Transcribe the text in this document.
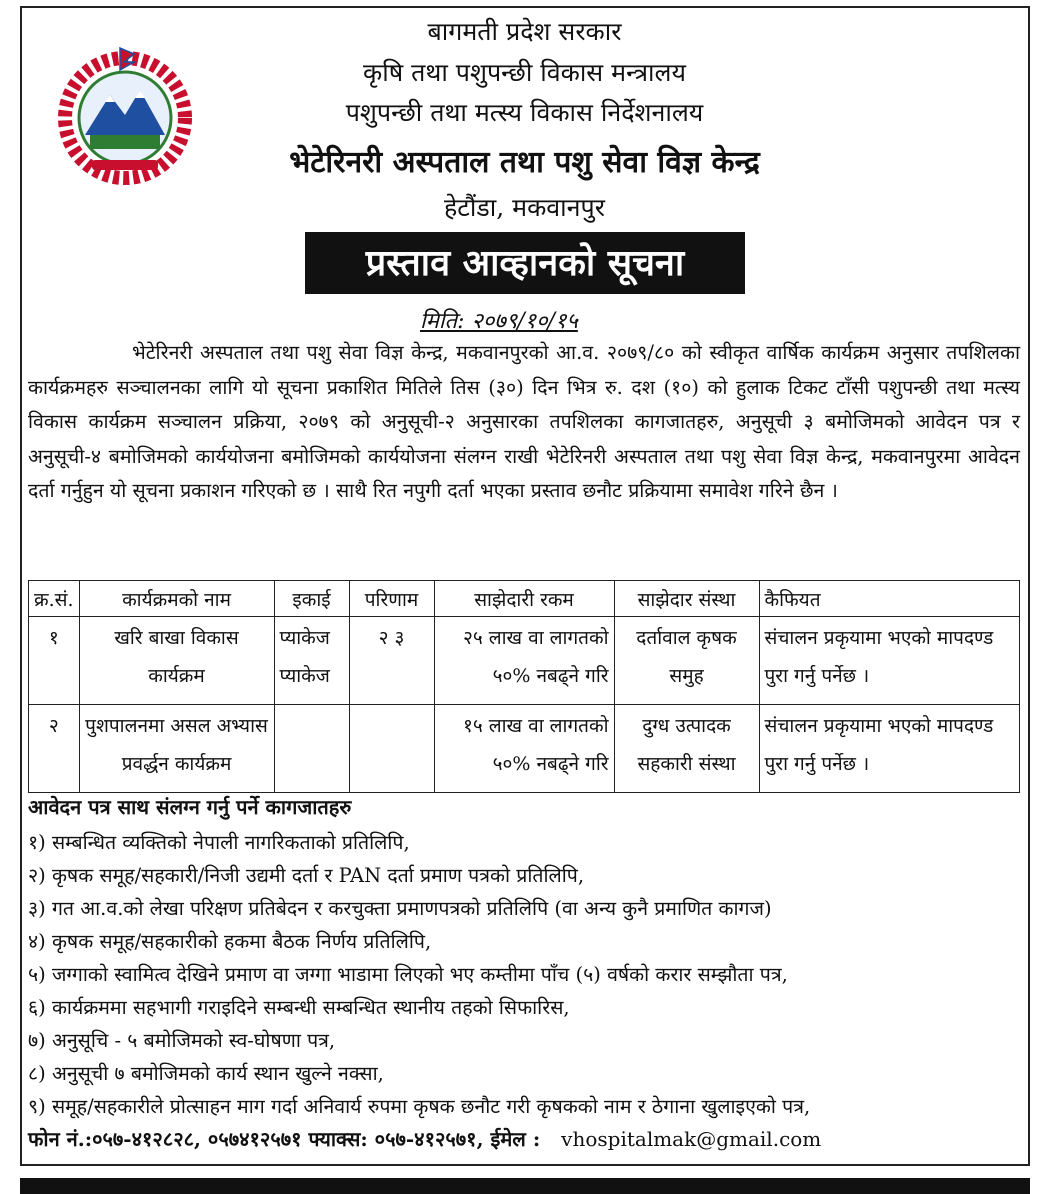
बागमती प्रदेश सरकार
कृषि तथा पशुपन्छी विकास मन्त्रालय
पशुपन्छी तथा मत्स्य विकास निर्देशनालय
भेटेरिनरी अस्पताल तथा पशु सेवा विज्ञ केन्द्र
हेटौंडा, मकवानपुर
प्रस्ताव आव्हानको सूचना
मिति: २०७९/१०/१५

भेटेरिनरी अस्पताल तथा पशु सेवा विज्ञ केन्द्र, मकवानपुरको आ.व. २०७९/८० को स्वीकृत वार्षिक कार्यक्रम अनुसार तपशिलका कार्यक्रमहरु सञ्चालनका लागि यो सूचना प्रकाशित मितिले तिस (३०) दिन भित्र रु. दश (१०) को हुलाक टिकट टाँसी पशुपन्छी तथा मत्स्य विकास कार्यक्रम सञ्चालन प्रक्रिया, २०७९ को अनुसूची-२ अनुसारका तपशिलका कागजातहरु, अनुसूची ३ बमोजिमको आवेदन पत्र र अनुसूची-४ बमोजिमको कार्ययोजना बमोजिमको कार्ययोजना संलग्न राखी भेटेरिनरी अस्पताल तथा पशु सेवा विज्ञ केन्द्र, मकवानपुरमा आवेदन दर्ता गर्नुहुन यो सूचना प्रकाशन गरिएको छ । साथै रित नपुगी दर्ता भएका प्रस्ताव छनौट प्रक्रियामा समावेश गरिने छैन ।

क्र.सं.	कार्यक्रमको नाम	इकाई	परिणाम	साझेदारी रकम	साझेदार संस्था	कैफियत
१	खरि बाखा विकास कार्यक्रम	प्याकेज प्याकेज	२ ३	२५ लाख वा लागतको ५०% नबढ्ने गरि	दर्तावाल कृषक समुह	संचालन प्रकृयामा भएको मापदण्ड पुरा गर्नु पर्नेछ ।
२	पुशपालनमा असल अभ्यास प्रवर्द्धन कार्यक्रम			१५ लाख वा लागतको ५०% नबढ्ने गरि	दुग्ध उत्पादक सहकारी संस्था	संचालन प्रकृयामा भएको मापदण्ड पुरा गर्नु पर्नेछ ।
आवेदन पत्र साथ संलग्न गर्नु पर्ने कागजातहरु
१) सम्बन्धित व्यक्तिको नेपाली नागरिकताको प्रतिलिपि,
२) कृषक समूह/सहकारी/निजी उद्यमी दर्ता र PAN दर्ता प्रमाण पत्रको प्रतिलिपि,
३) गत आ.व.को लेखा परिक्षण प्रतिबेदन र करचुक्ता प्रमाणपत्रको प्रतिलिपि (वा अन्य कुनै प्रमाणित कागज)
४) कृषक समूह/सहकारीको हकमा बैठक निर्णय प्रतिलिपि,
५) जग्गाको स्वामित्व देखिने प्रमाण वा जग्गा भाडामा लिएको भए कम्तीमा पाँच (५) वर्षको करार सम्झौता पत्र,
६) कार्यक्रममा सहभागी गराइदिने सम्बन्धी सम्बन्धित स्थानीय तहको सिफारिस,
७) अनुसूचि - ५ बमोजिमको स्व-घोषणा पत्र,
८) अनुसूची ७ बमोजिमको कार्य स्थान खुल्ने नक्सा,
९) समूह/सहकारीले प्रोत्साहन माग गर्दा अनिवार्य रुपमा कृषक छनौट गरी कृषकको नाम र ठेगाना खुलाइएको पत्र,
फोन नं.:०५७-४१२८२८, ०५७४१२५७१ फ्याक्स: ०५७-४१२५७१, ईमेल : vhospitalmak@gmail.com
